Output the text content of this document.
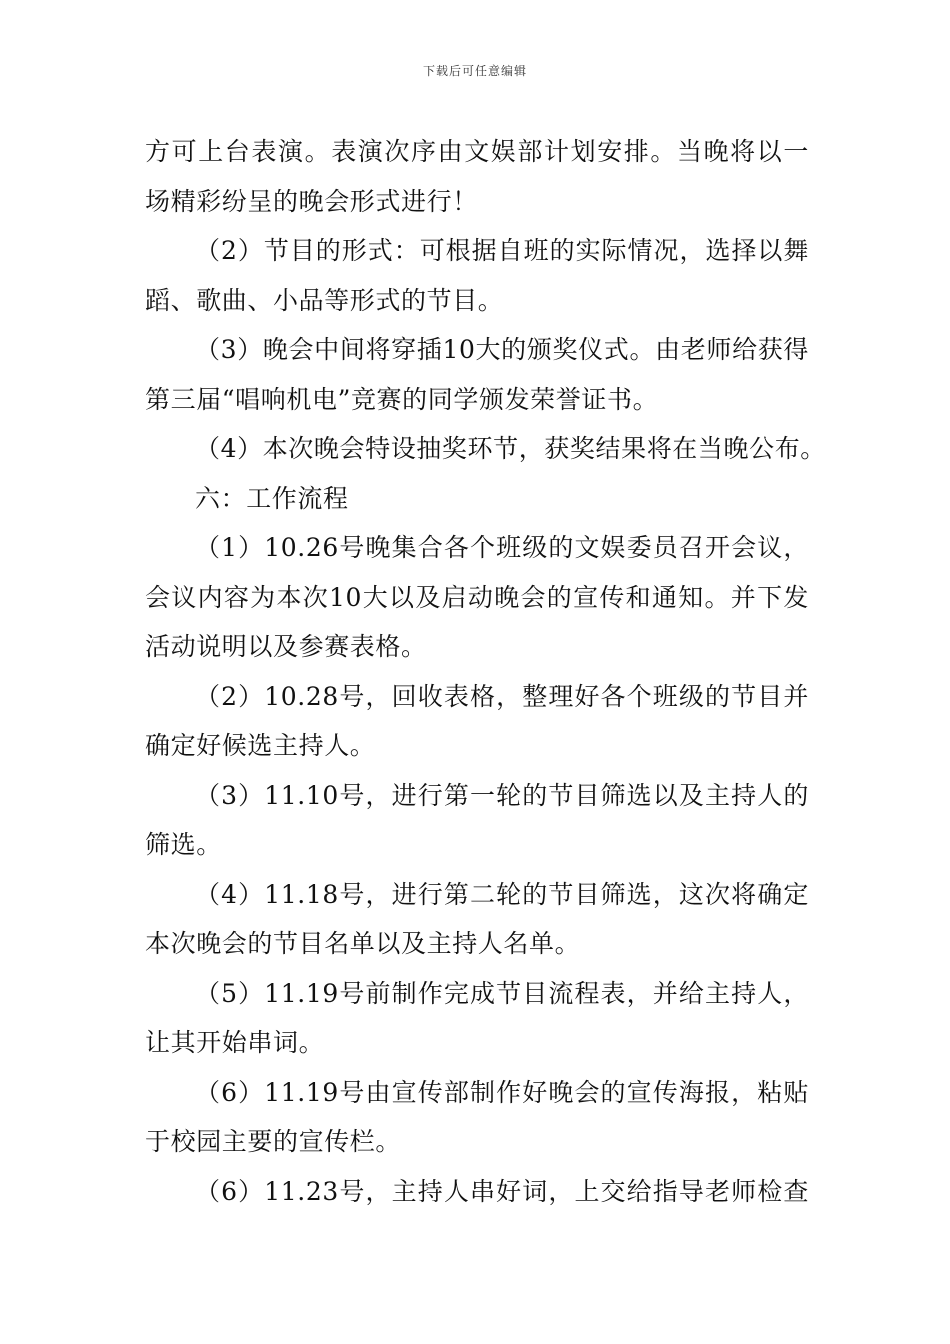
下载后可任意编辑
方可上台表演。表演次序由文娱部计划安排。当晚将以一
场精彩纷呈的晚会形式进行！
（2）节目的形式：可根据自班的实际情况，选择以舞
蹈、歌曲、小品等形式的节目。
（3）晚会中间将穿插10大的颁奖仪式。由老师给获得
第三届“唱响机电”竞赛的同学颁发荣誉证书。
（4）本次晚会特设抽奖环节，获奖结果将在当晚公布。
六：工作流程
（1）10.26号晚集合各个班级的文娱委员召开会议，
会议内容为本次10大以及启动晚会的宣传和通知。并下发
活动说明以及参赛表格。
（2）10.28号，回收表格，整理好各个班级的节目并
确定好候选主持人。
（3）11.10号，进行第一轮的节目筛选以及主持人的
筛选。
（4）11.18号，进行第二轮的节目筛选，这次将确定
本次晚会的节目名单以及主持人名单。
（5）11.19号前制作完成节目流程表，并给主持人，
让其开始串词。
（6）11.19号由宣传部制作好晚会的宣传海报，粘贴
于校园主要的宣传栏。
（6）11.23号，主持人串好词，上交给指导老师检查
